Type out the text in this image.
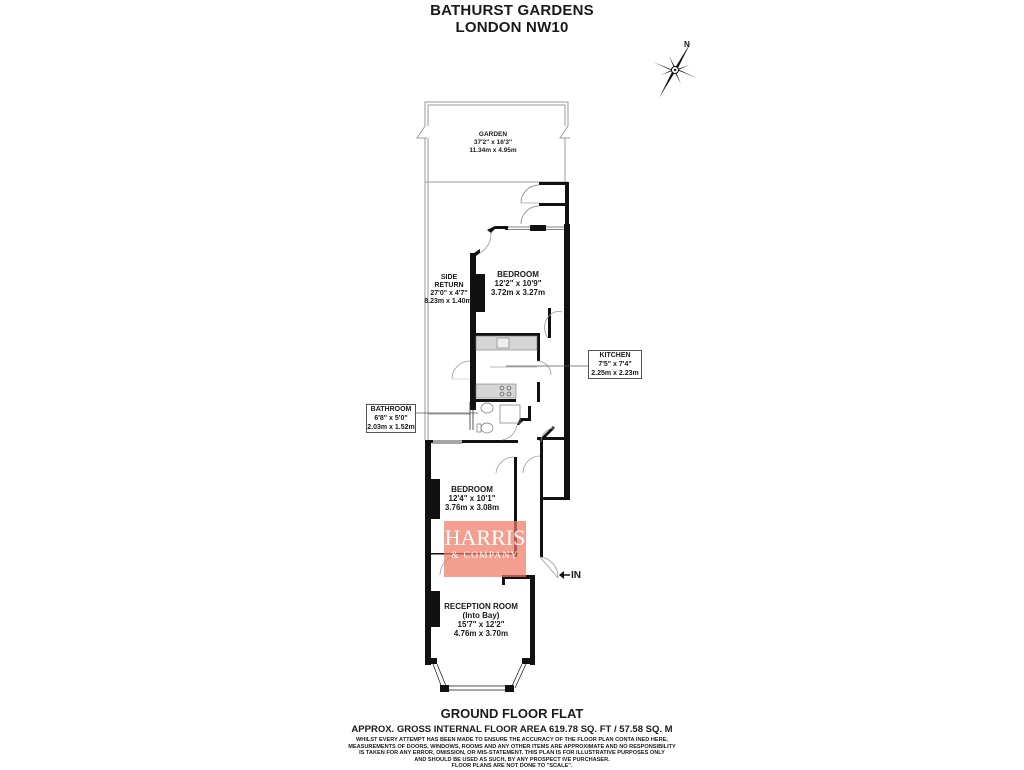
BATHURST GARDENS
LONDON NW10
GARDEN
37'2" x 16'3"
11.34m x 4.95m
SIDE
RETURN
27'0" x 4'7"
8.23m x 1.40m
BEDROOM
12'2" x 10'9"
3.72m x 3.27m
BEDROOM
12'4" x 10'1"
3.76m x 3.08m
RECEPTION ROOM
(Into Bay)
15'7" x 12'2"
4.76m x 3.70m
N
KITCHEN
7'5" x 7'4"
2.25m x 2.23m
BATHROOM
6'8" x 5'0"
2.03m x 1.52m
IN
HARRIS
& COMPANY
GROUND FLOOR FLAT
APPROX. GROSS INTERNAL FLOOR AREA 619.78 SQ. FT / 57.58 SQ. M
WHILST EVERY ATTEMPT HAS BEEN MADE TO ENSURE THE ACCURACY OF THE FLOOR PLAN CONTA INED HERE,
MEASUREMENTS OF DOORS, WINDOWS, ROOMS AND ANY OTHER ITEMS ARE APPROXIMATE AND NO RESPONSIBILITY
IS TAKEN FOR ANY ERROR, OMISSION, OR MIS-STATEMENT. THIS PLAN IS FOR ILLUSTRATIVE PURPOSES ONLY
AND SHOULD BE USED AS SUCH, BY ANY PROSPECT IVE PURCHASER.
FLOOR PLANS ARE NOT DONE TO "SCALE".
